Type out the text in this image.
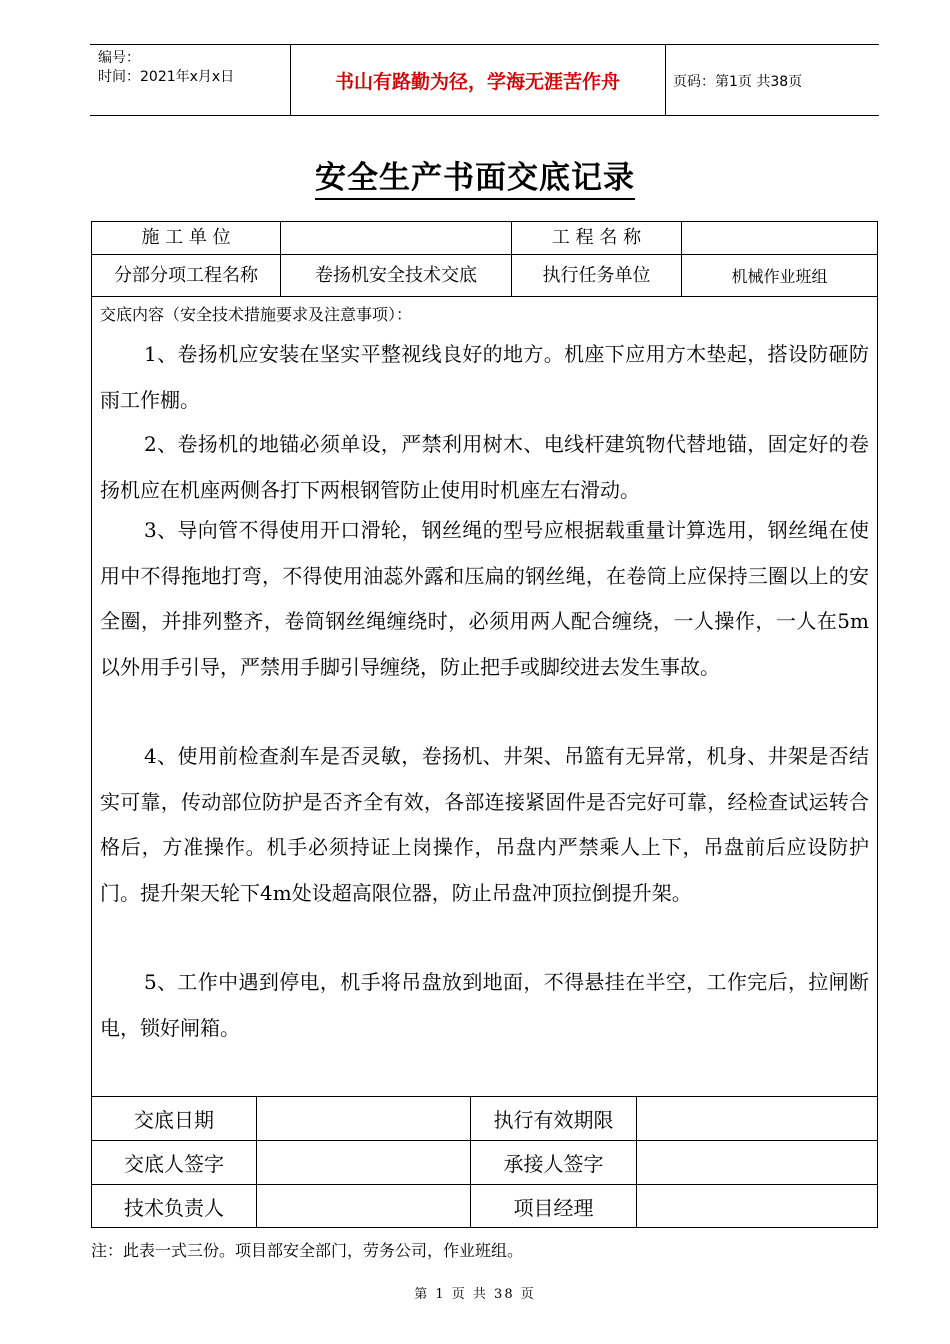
编号：
时间：2021年x月x日	书山有路勤为径，学海无涯苦作舟	页码：第1页 共38页
安全生产书面交底记录
施 工 单 位	工 程 名 称
分部分项工程名称	卷扬机安全技术交底	执行任务单位	机械作业班组
交底内容（安全技术措施要求及注意事项）：

1、卷扬机应安装在坚实平整视线良好的地方。机座下应用方木垫起，搭设防砸防雨工作棚。

2、卷扬机的地锚必须单设，严禁利用树木、电线杆建筑物代替地锚，固定好的卷扬机应在机座两侧各打下两根钢管防止使用时机座左右滑动。

3、导向管不得使用开口滑轮，钢丝绳的型号应根据载重量计算选用，钢丝绳在使用中不得拖地打弯，不得使用油蕊外露和压扁的钢丝绳，在卷筒上应保持三圈以上的安全圈，并排列整齐，卷筒钢丝绳缠绕时，必须用两人配合缠绕，一人操作，一人在5m以外用手引导，严禁用手脚引导缠绕，防止把手或脚绞进去发生事故。

4、使用前检查刹车是否灵敏，卷扬机、井架、吊篮有无异常，机身、井架是否结实可靠，传动部位防护是否齐全有效，各部连接紧固件是否完好可靠，经检查试运转合格后，方准操作。机手必须持证上岗操作，吊盘内严禁乘人上下，吊盘前后应设防护门。提升架天轮下4m处设超高限位器，防止吊盘冲顶拉倒提升架。

5、工作中遇到停电，机手将吊盘放到地面，不得悬挂在半空，工作完后，拉闸断电，锁好闸箱。

交底日期	执行有效期限
交底人签字	承接人签字
技术负责人	项目经理
注：此表一式三份。项目部安全部门，劳务公司，作业班组。
第 1 页 共 38 页
